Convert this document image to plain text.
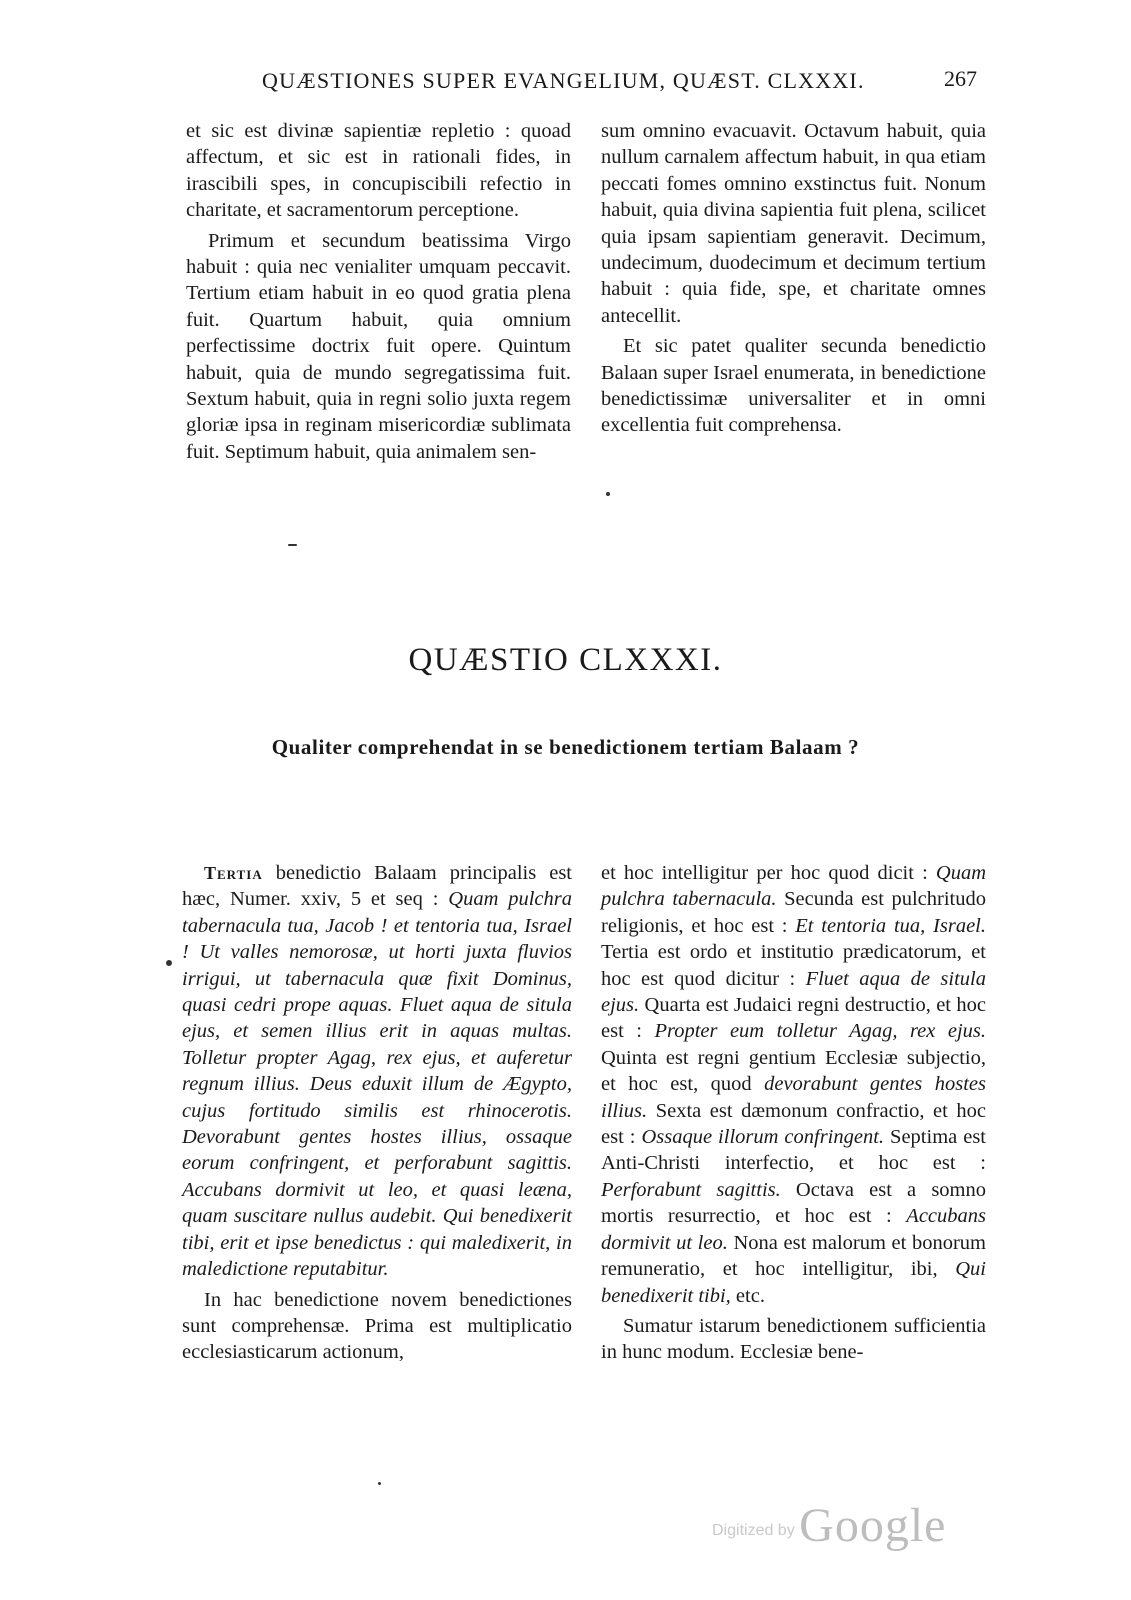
QUÆSTIONES SUPER EVANGELIUM, QUÆST. CLXXXI.	267

et sic est divinæ sapientiæ repletio : quoad affectum, et sic est in rationali fides, in irascibili spes, in concupiscibili refectio in charitate, et sacramentorum perceptione.

Primum et secundum beatissima Virgo habuit : quia nec venialiter umquam peccavit. Tertium etiam habuit in eo quod gratia plena fuit. Quartum habuit, quia omnium perfectissime doctrix fuit opere. Quintum habuit, quia de mundo segregatissima fuit. Sextum habuit, quia in regni solio juxta regem gloriæ ipsa in reginam misericordiæ sublimata fuit. Septimum habuit, quia animalem sen-

sum omnino evacuavit. Octavum habuit, quia nullum carnalem affectum habuit, in qua etiam peccati fomes omnino exstinctus fuit. Nonum habuit, quia divina sapientia fuit plena, scilicet quia ipsam sapientiam generavit. Decimum, undecimum, duodecimum et decimum tertium habuit : quia fide, spe, et charitate omnes antecellit.

Et sic patet qualiter secunda benedictio Balaan super Israel enumerata, in benedictione benedictissimæ universaliter et in omni excellentia fuit comprehensa.

QUÆSTIO CLXXXI.
Qualiter comprehendat in se benedictionem tertiam Balaam ?

Tertia benedictio Balaam principalis est hæc, Numer. xxiv, 5 et seq : Quam pulchra tabernacula tua, Jacob ! et tentoria tua, Israel ! Ut valles nemorosæ, ut horti juxta fluvios irrigui, ut tabernacula quæ fixit Dominus, quasi cedri prope aquas. Fluet aqua de situla ejus, et semen illius erit in aquas multas. Tolletur propter Agag, rex ejus, et auferetur regnum illius. Deus eduxit illum de Ægypto, cujus fortitudo similis est rhinocerotis. Devorabunt gentes hostes illius, ossaque eorum confringent, et perforabunt sagittis. Accubans dormivit ut leo, et quasi leæna, quam suscitare nullus audebit. Qui benedixerit tibi, erit et ipse benedictus : qui maledixerit, in maledictione reputabitur.

In hac benedictione novem benedictiones sunt comprehensæ. Prima est multiplicatio ecclesiasticarum actionum,

et hoc intelligitur per hoc quod dicit : Quam pulchra tabernacula. Secunda est pulchritudo religionis, et hoc est : Et tentoria tua, Israel. Tertia est ordo et institutio prædicatorum, et hoc est quod dicitur : Fluet aqua de situla ejus. Quarta est Judaici regni destructio, et hoc est : Propter eum tolletur Agag, rex ejus. Quinta est regni gentium Ecclesiæ subjectio, et hoc est, quod devorabunt gentes hostes illius. Sexta est dæmonum confractio, et hoc est : Ossaque illorum confringent. Septima est Anti-Christi interfectio, et hoc est : Perforabunt sagittis. Octava est a somno mortis resurrectio, et hoc est : Accubans dormivit ut leo. Nona est malorum et bonorum remuneratio, et hoc intelligitur, ibi, Qui benedixerit tibi, etc.

Sumatur istarum benedictionem sufficientia in hunc modum. Ecclesiæ bene-

Digitized by Google
